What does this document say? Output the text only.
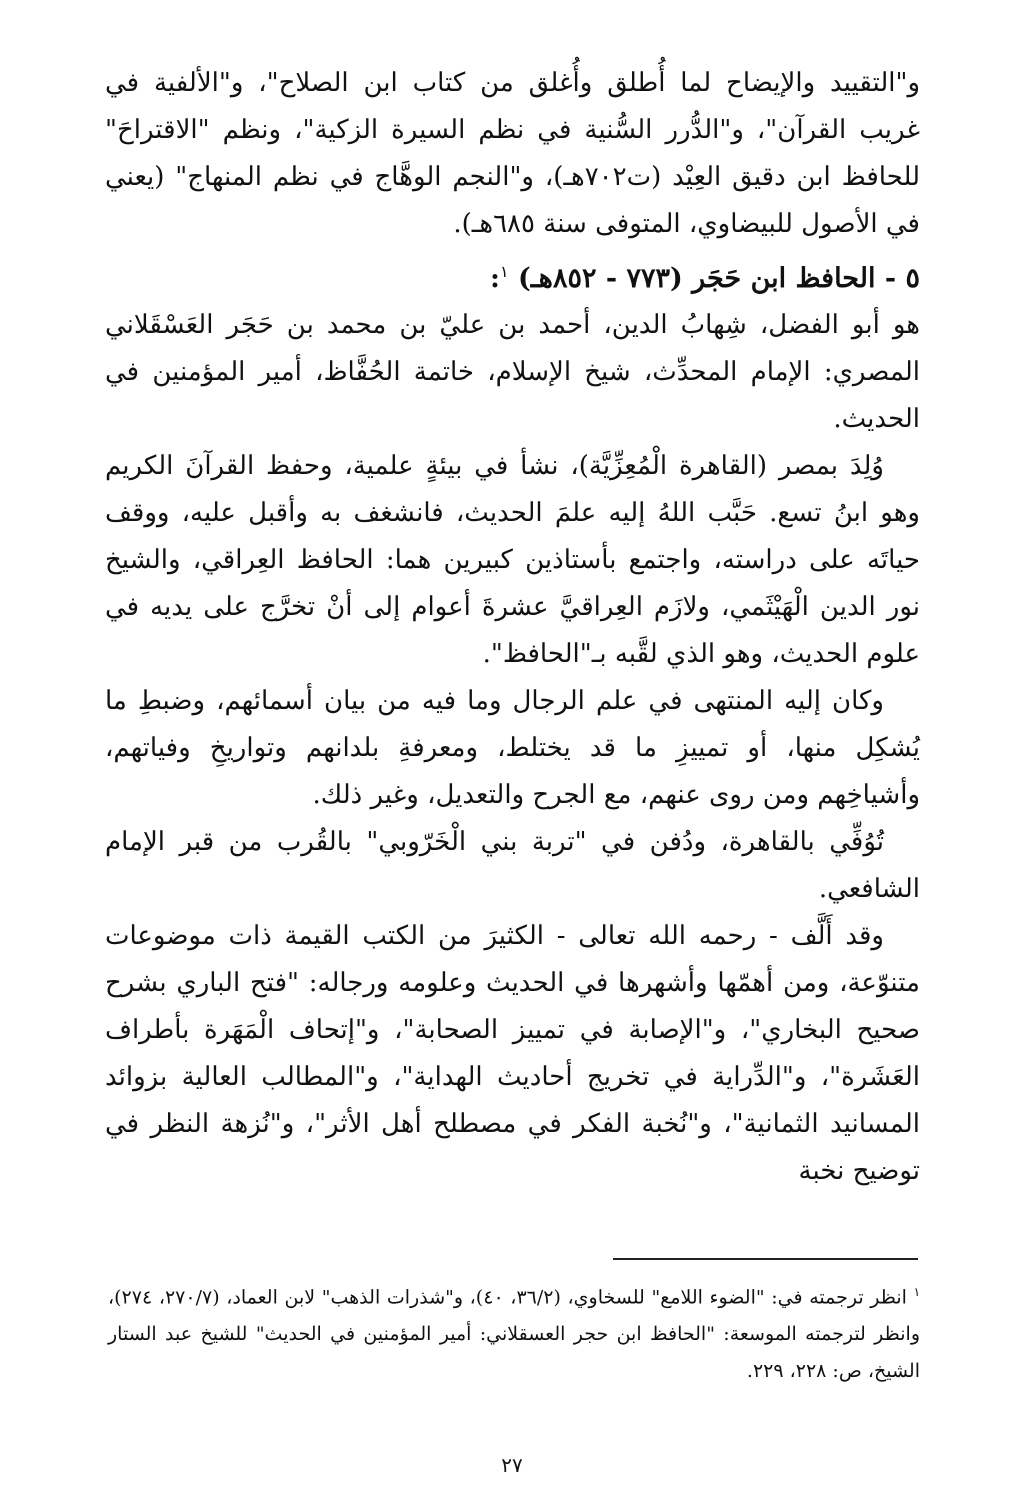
و"التقييد والإيضاح لما أُطلق وأُغلق من كتاب ابن الصلاح"، و"الألفية في غريب القرآن"، و"الدُّرر السُّنية في نظم السيرة الزكية"، ونظم "الاقتراحَ" للحافظ ابن دقيق العِيْد (ت٧٠٢هـ)، و"النجم الوهَّاج في نظم المنهاج" (يعني في الأصول للبيضاوي، المتوفى سنة ٦٨٥هـ).

٥ - الحافظ ابن حَجَر (٧٧٣ - ٨٥٢هـ) $^١$:

هو أبو الفضل، شِهابُ الدين، أحمد بن عليّ بن محمد بن حَجَر العَسْقَلاني المصري: الإمام المحدِّث، شيخ الإسلام، خاتمة الحُفَّاظ، أمير المؤمنين في الحديث.

وُلِدَ بمصر (القاهرة الْمُعِزِّيَّة)، نشأ في بيئةٍ علمية، وحفظ القرآنَ الكريم وهو ابنُ تسع. حَبَّب اللهُ إليه علمَ الحديث، فانشغف به وأقبل عليه، ووقف حياتَه على دراسته، واجتمع بأستاذين كبيرين هما: الحافظ العِراقي، والشيخ نور الدين الْهَيْثَمي، ولازَم العِراقيَّ عشرةَ أعوام إلى أنْ تخرَّج على يديه في علوم الحديث، وهو الذي لقَّبه بـ"الحافظ".

وكان إليه المنتهى في علم الرجال وما فيه من بيان أسمائهم، وضبطِ ما يُشكِل منها، أو تمييزِ ما قد يختلط، ومعرفةِ بلدانهم وتواريخِ وفياتهم، وأشياخِهم ومن روى عنهم، مع الجرح والتعديل، وغير ذلك.

تُوُفِّي بالقاهرة، ودُفن في "تربة بني الْخَرّوبي" بالقُرب من قبر الإمام الشافعي.

وقد أَلَّف - رحمه الله تعالى - الكثيرَ من الكتب القيمة ذات موضوعات متنوّعة، ومن أهمّها وأشهرها في الحديث وعلومه ورجاله: "فتح الباري بشرح صحيح البخاري"، و"الإصابة في تمييز الصحابة"، و"إتحاف الْمَهَرة بأطراف العَشَرة"، و"الدِّراية في تخريج أحاديث الهداية"، و"المطالب العالية بزوائد المسانيد الثمانية"، و"نُخبة الفكر في مصطلح أهل الأثر"، و"نُزهة النظر في توضيح نخبة

$^١$ انظر ترجمته في: "الضوء اللامع" للسخاوي، (٣٦/٢، ٤٠)، و"شذرات الذهب" لابن العماد، (٢٧٠/٧، ٢٧٤)، وانظر لترجمته الموسعة: "الحافظ ابن حجر العسقلاني: أمير المؤمنين في الحديث" للشيخ عبد الستار الشيخ، ص: ٢٢٨، ٢٢٩.
٢٧
